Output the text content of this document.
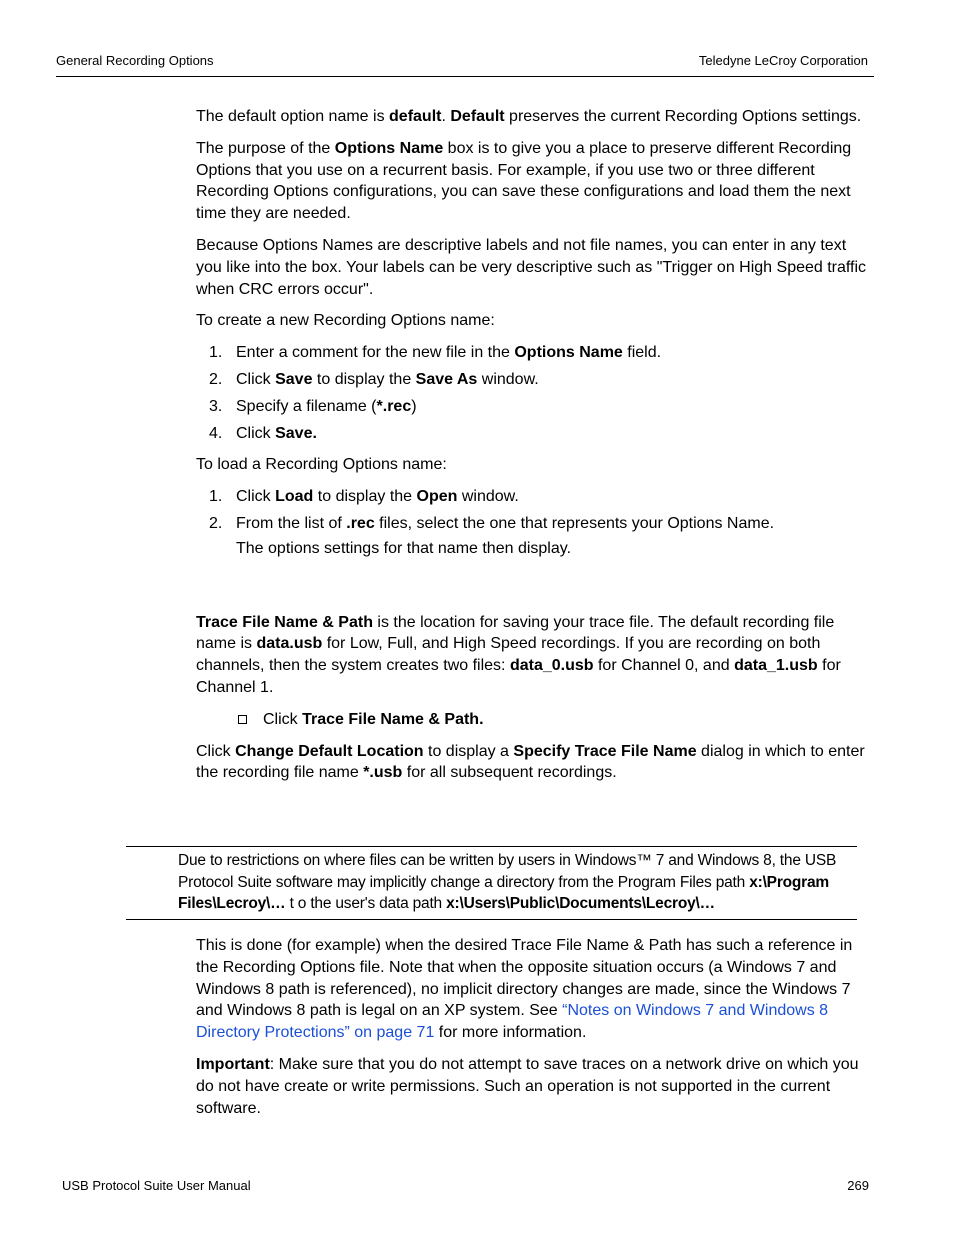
General Recording Options	Teledyne LeCroy Corporation

The default option name is default. Default preserves the current Recording Options settings.

The purpose of the Options Name box is to give you a place to preserve different Recording Options that you use on a recurrent basis. For example, if you use two or three different Recording Options configurations, you can save these configurations and load them the next time they are needed.

Because Options Names are descriptive labels and not file names, you can enter in any text you like into the box. Your labels can be very descriptive such as "Trigger on High Speed traffic when CRC errors occur".

To create a new Recording Options name:

1. Enter a comment for the new file in the Options Name field.
2. Click Save to display the Save As window.
3. Specify a filename (*.rec)
4. Click Save.

To load a Recording Options name:

1. Click Load to display the Open window.
2. From the list of .rec files, select the one that represents your Options Name.
The options settings for that name then display.

Trace File Name & Path is the location for saving your trace file. The default recording file name is data.usb for Low, Full, and High Speed recordings. If you are recording on both channels, then the system creates two files: data_0.usb for Channel 0, and data_1.usb for Channel 1.

Click Trace File Name & Path.

Click Change Default Location to display a Specify Trace File Name dialog in which to enter the recording file name *.usb for all subsequent recordings.

Due to restrictions on where files can be written by users in Windows™ 7 and Windows 8, the USB Protocol Suite software may implicitly change a directory from the Program Files path x:\Program Files\Lecroy\… t o the user's data path x:\Users\Public\Documents\Lecroy\…

This is done (for example) when the desired Trace File Name & Path has such a reference in the Recording Options file. Note that when the opposite situation occurs (a Windows 7 and Windows 8 path is referenced), no implicit directory changes are made, since the Windows 7 and Windows 8 path is legal on an XP system. See “Notes on Windows 7 and Windows 8 Directory Protections” on page 71 for more information.

Important: Make sure that you do not attempt to save traces on a network drive on which you do not have create or write permissions. Such an operation is not supported in the current software.

USB Protocol Suite User Manual	269
